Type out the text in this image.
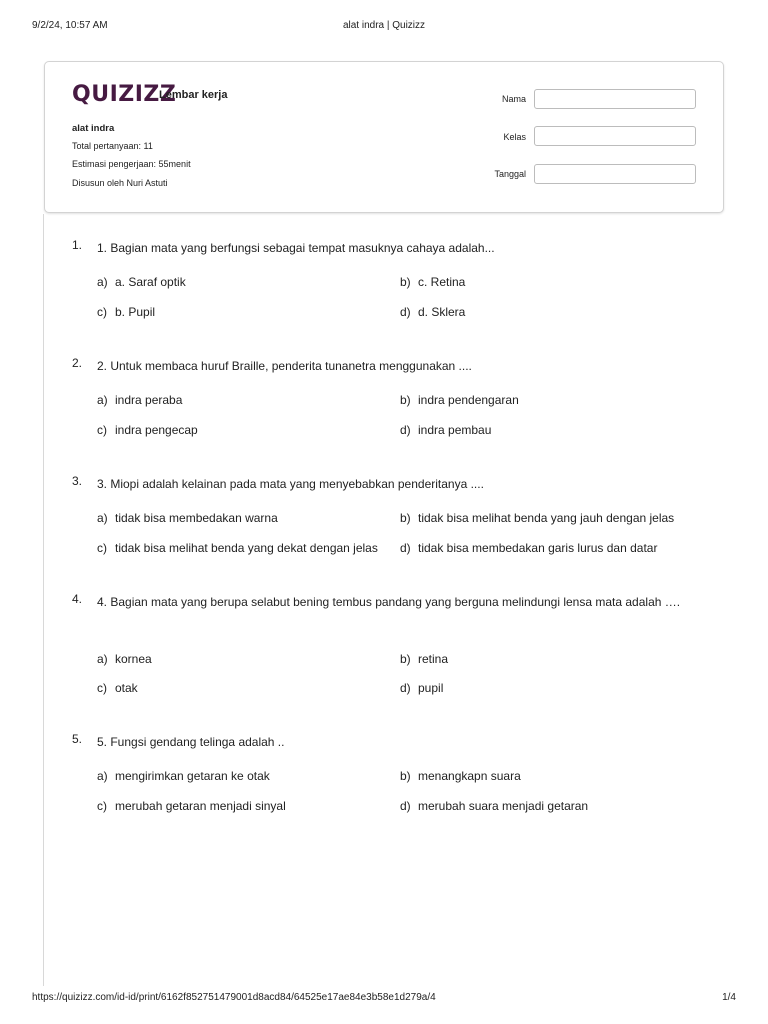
9/2/24, 10:57 AM	alat indra | Quizizz
QUIZIZZ
Lembar kerja
alat indra
Total pertanyaan: 11
Estimasi pengerjaan: 55menit
Disusun oleh Nuri Astuti
Nama
Kelas
Tanggal
1. 1. Bagian mata yang berfungsi sebagai tempat masuknya cahaya adalah...
a) a. Saraf optik	b) c. Retina
c) b. Pupil	d) d. Sklera
2. 2. Untuk membaca huruf Braille, penderita tunanetra menggunakan ....
a) indra peraba	b) indra pendengaran
c) indra pengecap	d) indra pembau
3. 3. Miopi adalah kelainan pada mata yang menyebabkan penderitanya ....
a) tidak bisa membedakan warna	b) tidak bisa melihat benda yang jauh dengan jelas
c) tidak bisa melihat benda yang dekat dengan jelas d) tidak bisa membedakan garis lurus dan datar
4. 4. Bagian mata yang berupa selabut bening tembus pandang yang berguna melindungi lensa mata adalah ….
a) kornea	b) retina
c) otak	d) pupil
5. 5. Fungsi gendang telinga adalah ..
a) mengirimkan getaran ke otak	b) menangkapn suara
c) merubah getaran menjadi sinyal	d) merubah suara menjadi getaran
https://quizizz.com/id-id/print/6162f852751479001d8acd84/64525e17ae84e3b58e1d279a/4	1/4
